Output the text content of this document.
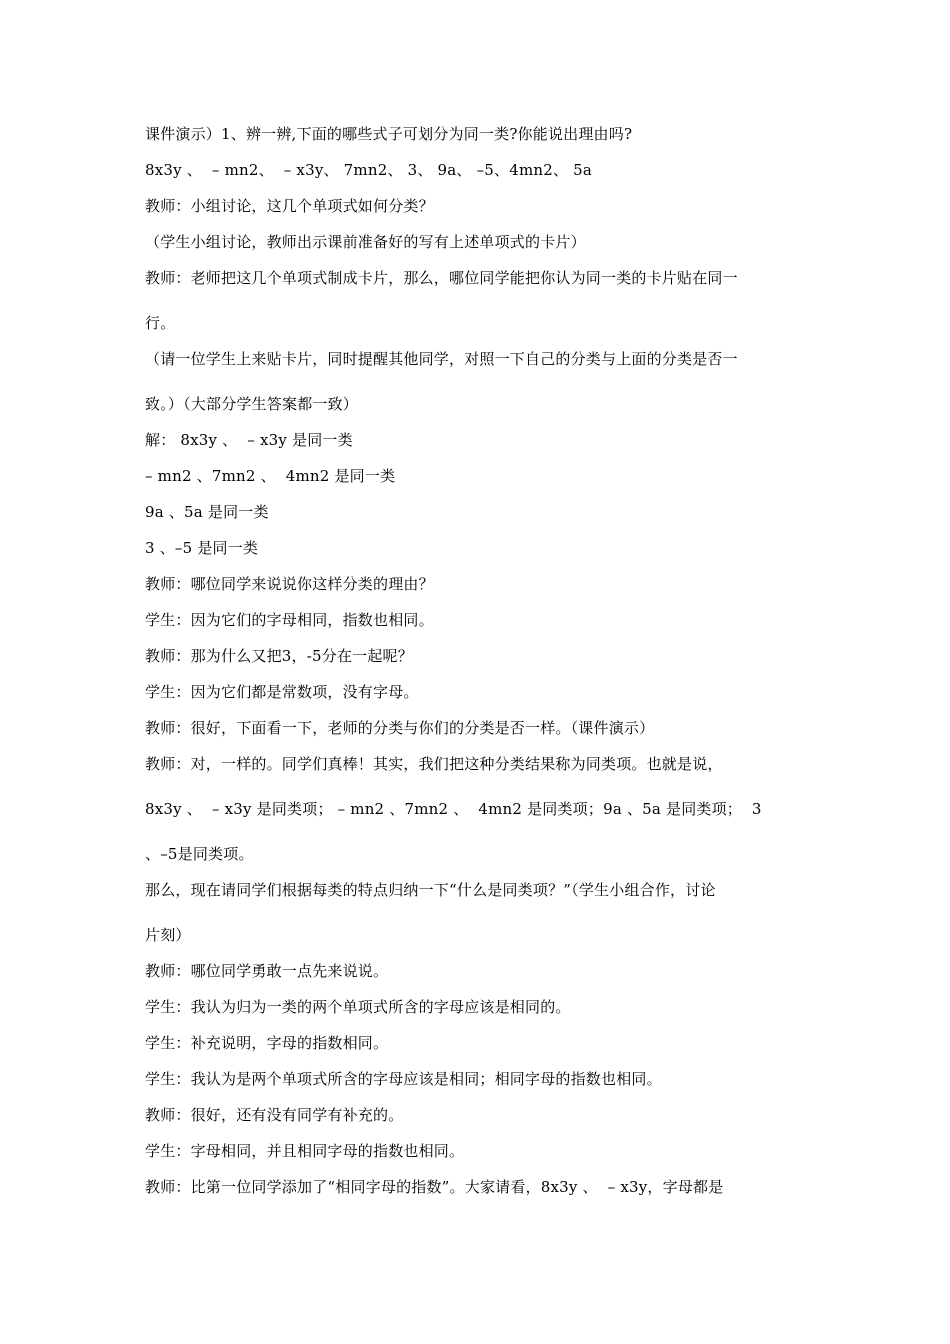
课件演示）1、辨一辨,下面的哪些式子可划分为同一类?你能说出理由吗?
8x3y 、  – mn2、  – x3y、 7mn2、 3、 9a、 –5、4mn2、 5a
教师：小组讨论，这几个单项式如何分类？
（学生小组讨论，教师出示课前准备好的写有上述单项式的卡片）
教师：老师把这几个单项式制成卡片，那么，哪位同学能把你认为同一类的卡片贴在同一
行。
（请一位学生上来贴卡片，同时提醒其他同学，对照一下自己的分类与上面的分类是否一
致。）（大部分学生答案都一致）
解： 8x3y 、  – x3y 是同一类
– mn2 、7mn2 、  4mn2 是同一类
9a 、5a 是同一类
3 、–5 是同一类
教师：哪位同学来说说你这样分类的理由？
学生：因为它们的字母相同，指数也相同。
教师：那为什么又把3，-5分在一起呢？
学生：因为它们都是常数项，没有字母。
教师：很好，下面看一下，老师的分类与你们的分类是否一样。（课件演示）
教师：对，一样的。同学们真棒！其实，我们把这种分类结果称为同类项。也就是说，
8x3y 、  – x3y 是同类项； – mn2 、7mn2 、  4mn2 是同类项；9a 、5a 是同类项；  3
、–5是同类项。
那么，现在请同学们根据每类的特点归纳一下“什么是同类项？”（学生小组合作，讨论
片刻）
教师：哪位同学勇敢一点先来说说。
学生：我认为归为一类的两个单项式所含的字母应该是相同的。
学生：补充说明，字母的指数相同。
学生：我认为是两个单项式所含的字母应该是相同；相同字母的指数也相同。
教师：很好，还有没有同学有补充的。
学生：字母相同，并且相同字母的指数也相同。
教师：比第一位同学添加了“相同字母的指数”。大家请看，8x3y 、  – x3y，字母都是
